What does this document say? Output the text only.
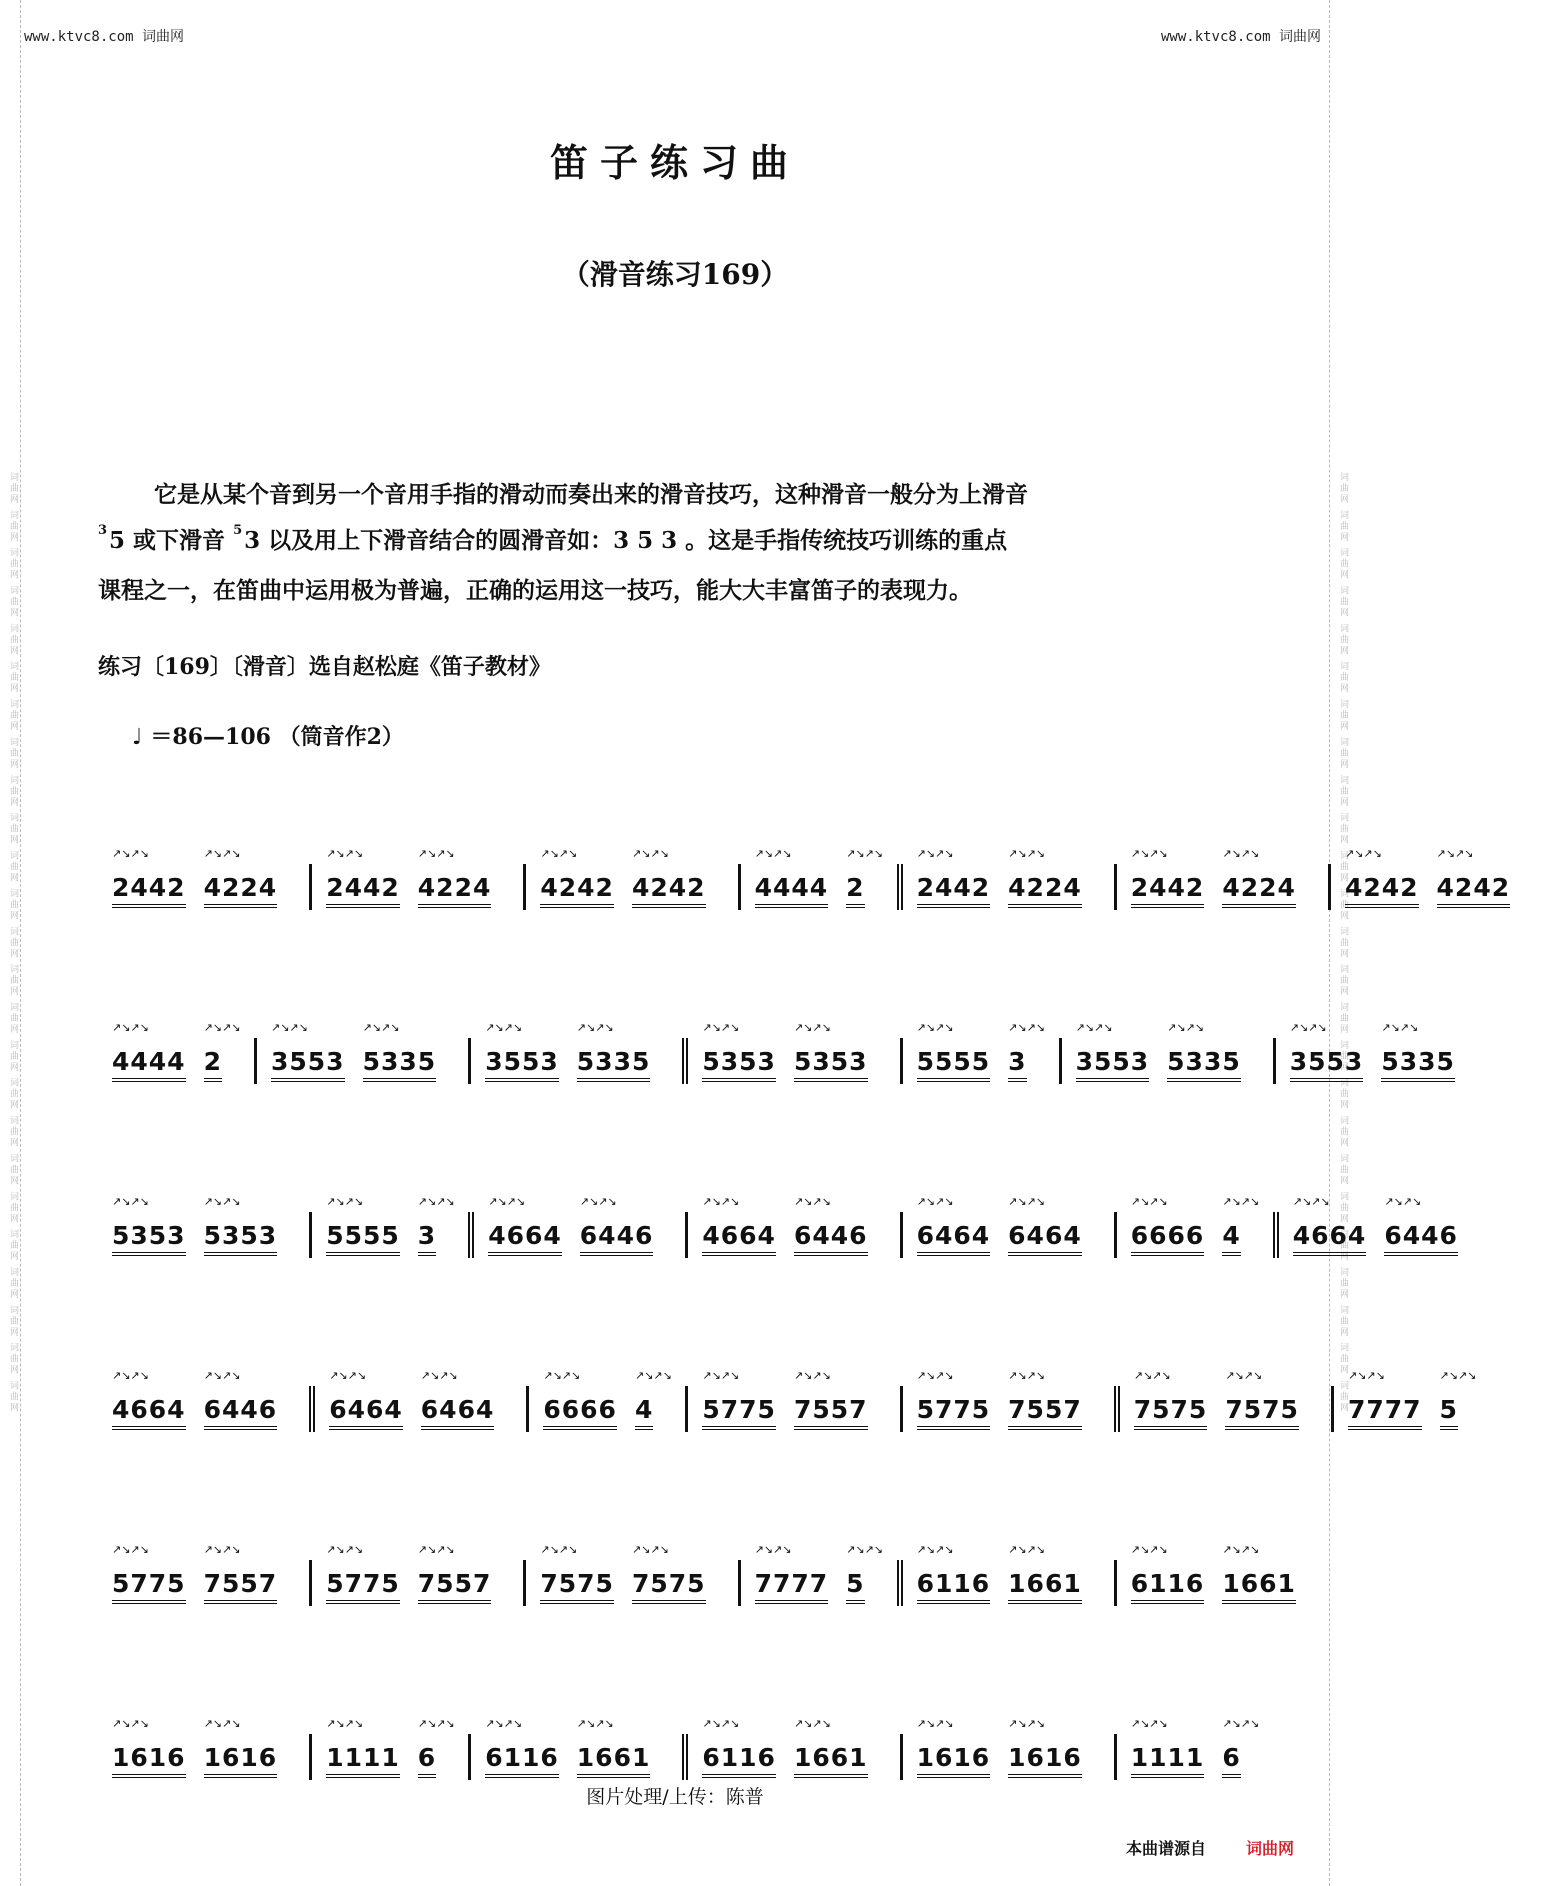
词曲网 词曲网 词曲网 词曲网 词曲网 词曲网 词曲网 词曲网 词曲网 词曲网 词曲网 词曲网 词曲网 词曲网 词曲网 词曲网 词曲网 词曲网 词曲网 词曲网 词曲网 词曲网 词曲网 词曲网 词曲网	词曲网 词曲网 词曲网 词曲网 词曲网 词曲网 词曲网 词曲网 词曲网 词曲网 词曲网 词曲网 词曲网 词曲网 词曲网 词曲网 词曲网 词曲网 词曲网 词曲网 词曲网 词曲网 词曲网 词曲网 词曲网
www.ktvc8.com 词曲网	www.ktvc8.com 词曲网
笛子练习曲
（滑音练习169）

它是从某个音到另一个音用手指的滑动而奏出来的滑音技巧，这种滑音一般分为上滑音

$^3$5 或下滑音 $^5$3 以及用上下滑音结合的圆滑音如：3 5 3 。这是手指传统技巧训练的重点

课程之一，在笛曲中运用极为普遍，正确的运用这一技巧，能大大丰富笛子的表现力。

练习〔169〕〔滑音〕选自赵松庭《笛子教材》
♩ ＝86—106 （筒音作2）
↗↘↗↘ 2442 ↗↘↗↘ 4224 ↗↘↗↘ 2442 ↗↘↗↘ 4224 ↗↘↗↘ 4242 ↗↘↗↘ 4242 ↗↘↗↘ 4444 ↗↘↗↘ 2 ↗↘↗↘ 2442 ↗↘↗↘ 4224 ↗↘↗↘ 2442 ↗↘↗↘ 4224 ↗↘↗↘ 4242 ↗↘↗↘ 4242
↗↘↗↘ 4444 ↗↘↗↘ 2 ↗↘↗↘ 3553 ↗↘↗↘ 5335 ↗↘↗↘ 3553 ↗↘↗↘ 5335 ↗↘↗↘ 5353 ↗↘↗↘ 5353 ↗↘↗↘ 5555 ↗↘↗↘ 3 ↗↘↗↘ 3553 ↗↘↗↘ 5335 ↗↘↗↘ 3553 ↗↘↗↘ 5335
↗↘↗↘ 5353 ↗↘↗↘ 5353 ↗↘↗↘ 5555 ↗↘↗↘ 3 ↗↘↗↘ 4664 ↗↘↗↘ 6446 ↗↘↗↘ 4664 ↗↘↗↘ 6446 ↗↘↗↘ 6464 ↗↘↗↘ 6464 ↗↘↗↘ 6666 ↗↘↗↘ 4 ↗↘↗↘ 4664 ↗↘↗↘ 6446
↗↘↗↘ 4664 ↗↘↗↘ 6446 ↗↘↗↘ 6464 ↗↘↗↘ 6464 ↗↘↗↘ 6666 ↗↘↗↘ 4 ↗↘↗↘ 5775 ↗↘↗↘ 7557 ↗↘↗↘ 5775 ↗↘↗↘ 7557 ↗↘↗↘ 7575 ↗↘↗↘ 7575 ↗↘↗↘ 7777 ↗↘↗↘ 5
↗↘↗↘ 5775 ↗↘↗↘ 7557 ↗↘↗↘ 5775 ↗↘↗↘ 7557 ↗↘↗↘ 7575 ↗↘↗↘ 7575 ↗↘↗↘ 7777 ↗↘↗↘ 5 ↗↘↗↘ 6116 ↗↘↗↘ 1661 ↗↘↗↘ 6116 ↗↘↗↘ 1661
↗↘↗↘ 1616 ↗↘↗↘ 1616 ↗↘↗↘ 1111 ↗↘↗↘ 6 ↗↘↗↘ 6116 ↗↘↗↘ 1661 ↗↘↗↘ 6116 ↗↘↗↘ 1661 ↗↘↗↘ 1616 ↗↘↗↘ 1616 ↗↘↗↘ 1111 ↗↘↗↘ 6
图片处理/上传：陈普
本曲谱源自	词曲网
